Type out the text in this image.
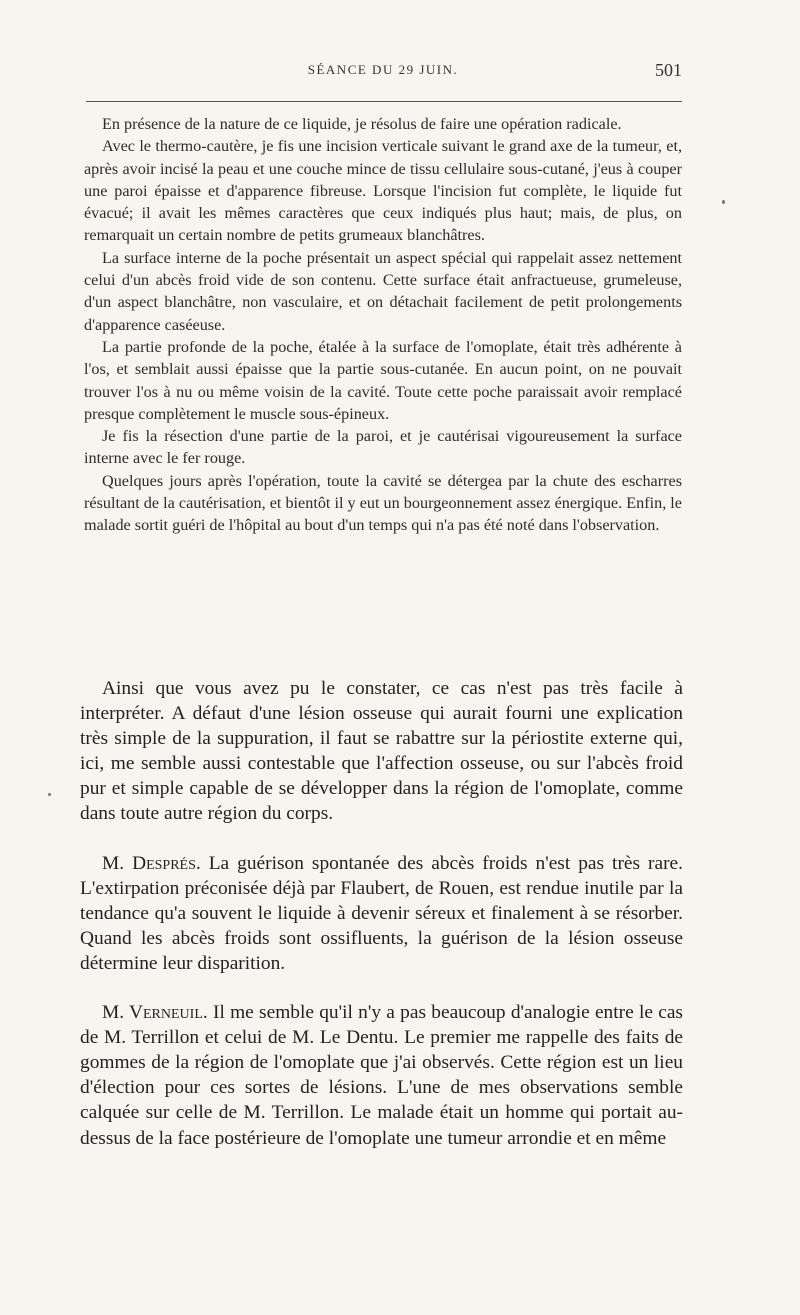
SÉANCE DU 29 JUIN.	501

En présence de la nature de ce liquide, je résolus de faire une opération radicale.

Avec le thermo-cautère, je fis une incision verticale suivant le grand axe de la tumeur, et, après avoir incisé la peau et une couche mince de tissu cellulaire sous-cutané, j'eus à couper une paroi épaisse et d'apparence fibreuse. Lorsque l'incision fut complète, le liquide fut évacué; il avait les mêmes caractères que ceux indiqués plus haut; mais, de plus, on remarquait un certain nombre de petits grumeaux blanchâtres.

La surface interne de la poche présentait un aspect spécial qui rappelait assez nettement celui d'un abcès froid vide de son contenu. Cette surface était anfractueuse, grumeleuse, d'un aspect blanchâtre, non vasculaire, et on détachait facilement de petit prolongements d'apparence caséeuse.

La partie profonde de la poche, étalée à la surface de l'omoplate, était très adhérente à l'os, et semblait aussi épaisse que la partie sous-cutanée. En aucun point, on ne pouvait trouver l'os à nu ou même voisin de la cavité. Toute cette poche paraissait avoir remplacé presque complètement le muscle sous-épineux.

Je fis la résection d'une partie de la paroi, et je cautérisai vigoureusement la surface interne avec le fer rouge.

Quelques jours après l'opération, toute la cavité se détergea par la chute des escharres résultant de la cautérisation, et bientôt il y eut un bourgeonnement assez énergique. Enfin, le malade sortit guéri de l'hôpital au bout d'un temps qui n'a pas été noté dans l'observation.

Ainsi que vous avez pu le constater, ce cas n'est pas très facile à interpréter. A défaut d'une lésion osseuse qui aurait fourni une explication très simple de la suppuration, il faut se rabattre sur la périostite externe qui, ici, me semble aussi contestable que l'affection osseuse, ou sur l'abcès froid pur et simple capable de se développer dans la région de l'omoplate, comme dans toute autre région du corps.

M. Després. La guérison spontanée des abcès froids n'est pas très rare. L'extirpation préconisée déjà par Flaubert, de Rouen, est rendue inutile par la tendance qu'a souvent le liquide à devenir séreux et finalement à se résorber. Quand les abcès froids sont ossifluents, la guérison de la lésion osseuse détermine leur disparition.

M. Verneuil. Il me semble qu'il n'y a pas beaucoup d'analogie entre le cas de M. Terrillon et celui de M. Le Dentu. Le premier me rappelle des faits de gommes de la région de l'omoplate que j'ai observés. Cette région est un lieu d'élection pour ces sortes de lésions. L'une de mes observations semble calquée sur celle de M. Terrillon. Le malade était un homme qui portait au-dessus de la face postérieure de l'omoplate une tumeur arrondie et en même
